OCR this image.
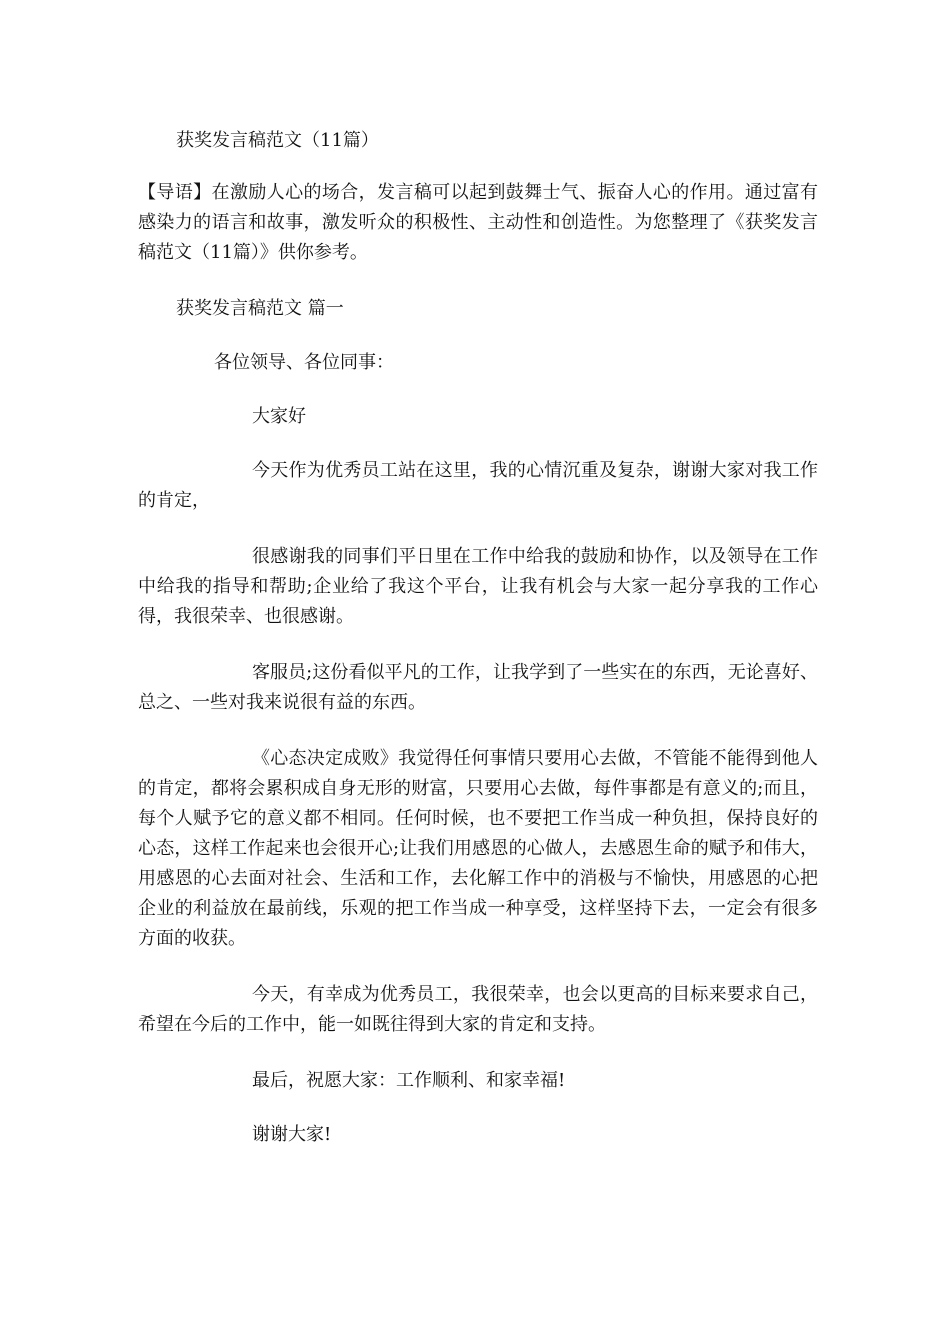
获奖发言稿范文（11篇）

【导语】在激励人心的场合，发言稿可以起到鼓舞士气、振奋人心的作用。通过富有感染力的语言和故事，激发听众的积极性、主动性和创造性。为您整理了《获奖发言稿范文（11篇）》供你参考。

获奖发言稿范文 篇一

各位领导、各位同事：

大家好

今天作为优秀员工站在这里，我的心情沉重及复杂，谢谢大家对我工作的肯定，

很感谢我的同事们平日里在工作中给我的鼓励和协作，以及领导在工作中给我的指导和帮助;企业给了我这个平台，让我有机会与大家一起分享我的工作心得，我很荣幸、也很感谢。

客服员;这份看似平凡的工作，让我学到了一些实在的东西，无论喜好、总之、一些对我来说很有益的东西。

《心态决定成败》我觉得任何事情只要用心去做，不管能不能得到他人的肯定，都将会累积成自身无形的财富，只要用心去做，每件事都是有意义的;而且，每个人赋予它的意义都不相同。任何时候，也不要把工作当成一种负担，保持良好的心态，这样工作起来也会很开心;让我们用感恩的心做人，去感恩生命的赋予和伟大，用感恩的心去面对社会、生活和工作，去化解工作中的消极与不愉快，用感恩的心把企业的利益放在最前线，乐观的把工作当成一种享受，这样坚持下去，一定会有很多方面的收获。

今天，有幸成为优秀员工，我很荣幸，也会以更高的目标来要求自己，希望在今后的工作中，能一如既往得到大家的肯定和支持。

最后，祝愿大家：工作顺利、和家幸福!

谢谢大家!
